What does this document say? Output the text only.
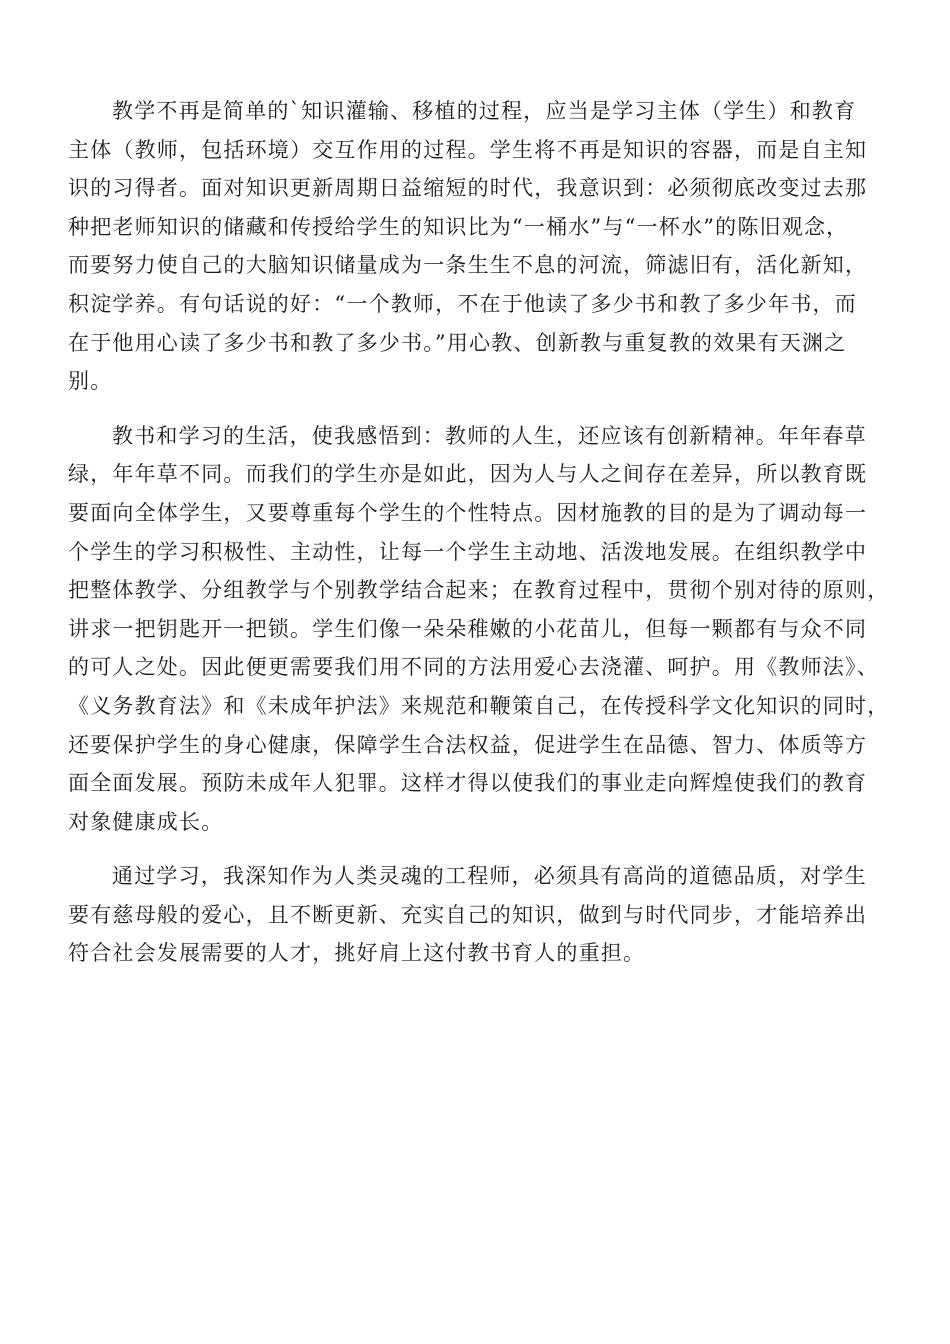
教学不再是简单的`知识灌输、移植的过程，应当是学习主体（学生）和教育
主体（教师，包括环境）交互作用的过程。学生将不再是知识的容器，而是自主知
识的习得者。面对知识更新周期日益缩短的时代，我意识到：必须彻底改变过去那
种把老师知识的储藏和传授给学生的知识比为“一桶水”与“一杯水”的陈旧观念，
而要努力使自己的大脑知识储量成为一条生生不息的河流，筛滤旧有，活化新知，
积淀学养。有句话说的好：“一个教师，不在于他读了多少书和教了多少年书，而
在于他用心读了多少书和教了多少书。”用心教、创新教与重复教的效果有天渊之
别。
教书和学习的生活，使我感悟到：教师的人生，还应该有创新精神。年年春草
绿，年年草不同。而我们的学生亦是如此，因为人与人之间存在差异，所以教育既
要面向全体学生，又要尊重每个学生的个性特点。因材施教的目的是为了调动每一
个学生的学习积极性、主动性，让每一个学生主动地、活泼地发展。在组织教学中
把整体教学、分组教学与个别教学结合起来；在教育过程中，贯彻个别对待的原则，
讲求一把钥匙开一把锁。学生们像一朵朵稚嫩的小花苗儿，但每一颗都有与众不同
的可人之处。因此便更需要我们用不同的方法用爱心去浇灌、呵护。用《教师法》、
《义务教育法》和《未成年护法》来规范和鞭策自己，在传授科学文化知识的同时，
还要保护学生的身心健康，保障学生合法权益，促进学生在品德、智力、体质等方
面全面发展。预防未成年人犯罪。这样才得以使我们的事业走向辉煌使我们的教育
对象健康成长。
通过学习，我深知作为人类灵魂的工程师，必须具有高尚的道德品质，对学生
要有慈母般的爱心，且不断更新、充实自己的知识，做到与时代同步，才能培养出
符合社会发展需要的人才，挑好肩上这付教书育人的重担。
